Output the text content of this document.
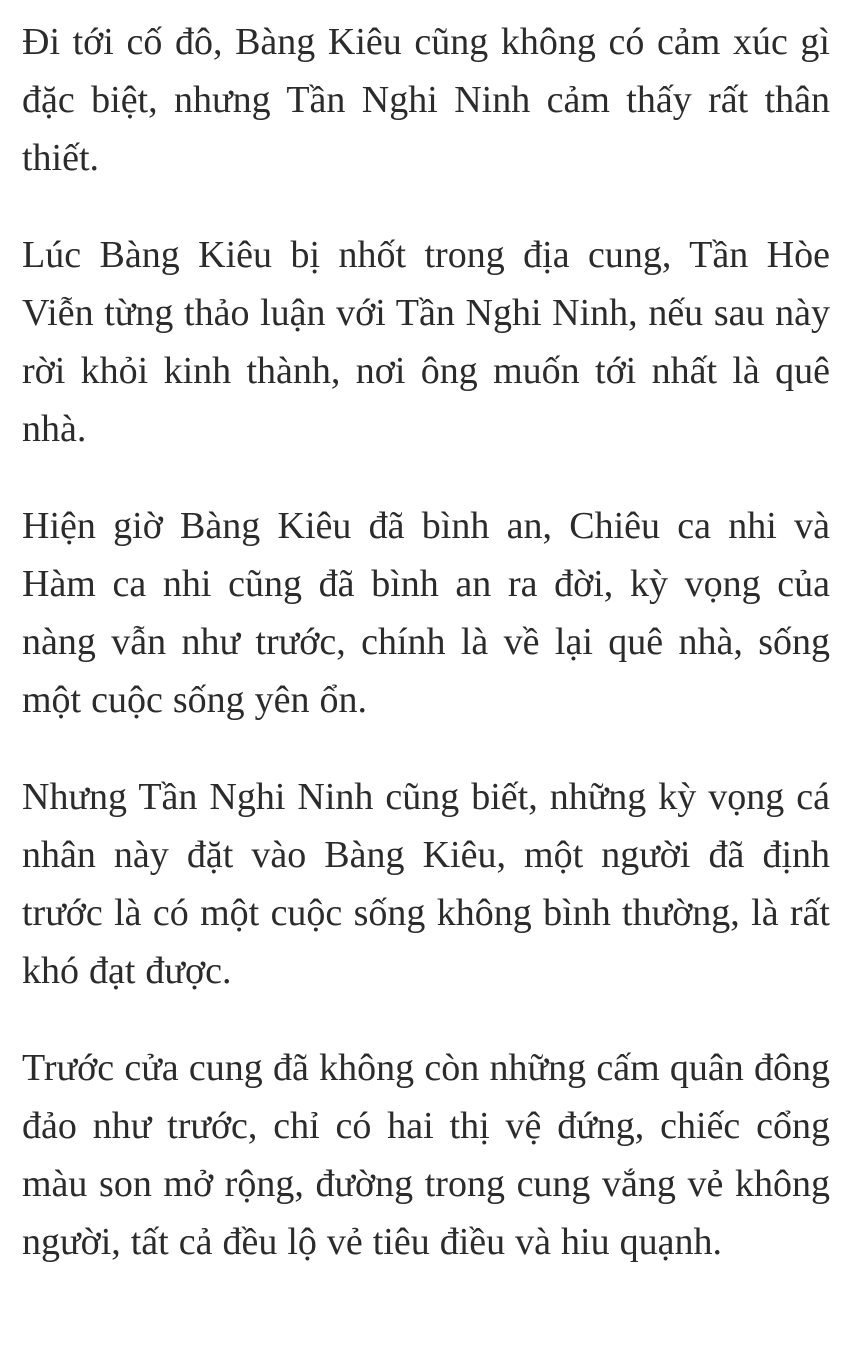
Đi tới cố đô, Bàng Kiêu cũng không có cảm xúc gì đặc biệt, nhưng Tần Nghi Ninh cảm thấy rất thân thiết.

Lúc Bàng Kiêu bị nhốt trong địa cung, Tần Hòe Viễn từng thảo luận với Tần Nghi Ninh, nếu sau này rời khỏi kinh thành, nơi ông muốn tới nhất là quê nhà.

Hiện giờ Bàng Kiêu đã bình an, Chiêu ca nhi và Hàm ca nhi cũng đã bình an ra đời, kỳ vọng của nàng vẫn như trước, chính là về lại quê nhà, sống một cuộc sống yên ổn.

Nhưng Tần Nghi Ninh cũng biết, những kỳ vọng cá nhân này đặt vào Bàng Kiêu, một người đã định trước là có một cuộc sống không bình thường, là rất khó đạt được.

Trước cửa cung đã không còn những cấm quân đông đảo như trước, chỉ có hai thị vệ đứng, chiếc cổng màu son mở rộng, đường trong cung vắng vẻ không người, tất cả đều lộ vẻ tiêu điều và hiu quạnh.
